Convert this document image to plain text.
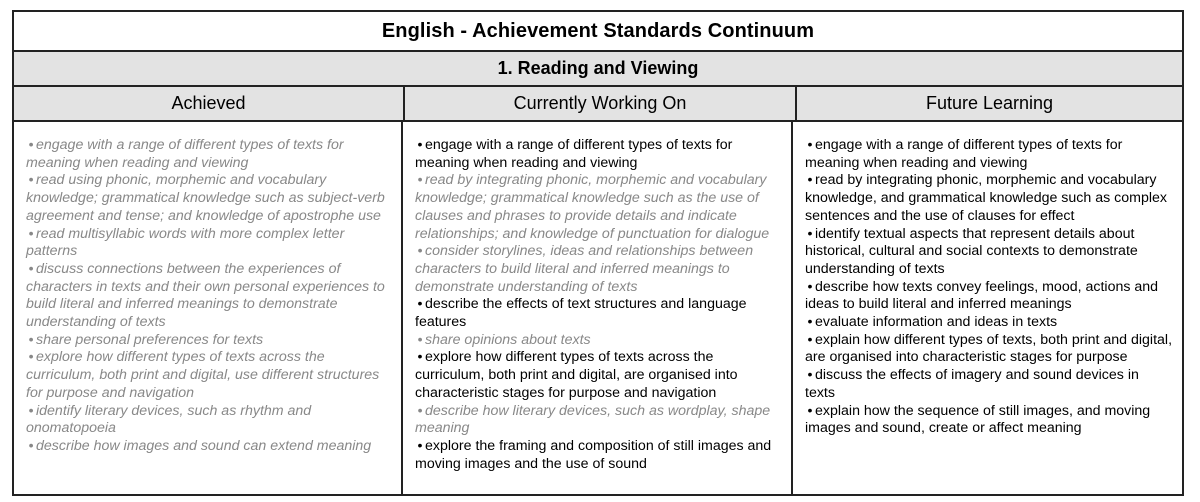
English - Achievement Standards Continuum
1. Reading and Viewing
Achieved	Currently Working On	Future Learning
• engage with a range of different types of texts for meaning when reading and viewing
• read using phonic, morphemic and vocabulary knowledge; grammatical knowledge such as subject-verb agreement and tense; and knowledge of apostrophe use
• read multisyllabic words with more complex letter patterns
• discuss connections between the experiences of characters in texts and their own personal experiences to build literal and inferred meanings to demonstrate understanding of texts
• share personal preferences for texts
• explore how different types of texts across the curriculum, both print and digital, use different structures for purpose and navigation
• identify literary devices, such as rhythm and onomatopoeia
• describe how images and sound can extend meaning
• engage with a range of different types of texts for meaning when reading and viewing
• read by integrating phonic, morphemic and vocabulary knowledge; grammatical knowledge such as the use of clauses and phrases to provide details and indicate relationships; and knowledge of punctuation for dialogue
• consider storylines, ideas and relationships between characters to build literal and inferred meanings to demonstrate understanding of texts
• describe the effects of text structures and language features
• share opinions about texts
• explore how different types of texts across the curriculum, both print and digital, are organised into characteristic stages for purpose and navigation
• describe how literary devices, such as wordplay, shape meaning
• explore the framing and composition of still images and moving images and the use of sound
• engage with a range of different types of texts for meaning when reading and viewing
• read by integrating phonic, morphemic and vocabulary knowledge, and grammatical knowledge such as complex sentences and the use of clauses for effect
• identify textual aspects that represent details about historical, cultural and social contexts to demonstrate understanding of texts
• describe how texts convey feelings, mood, actions and ideas to build literal and inferred meanings
• evaluate information and ideas in texts
• explain how different types of texts, both print and digital, are organised into characteristic stages for purpose
• discuss the effects of imagery and sound devices in texts
• explain how the sequence of still images, and moving images and sound, create or affect meaning
